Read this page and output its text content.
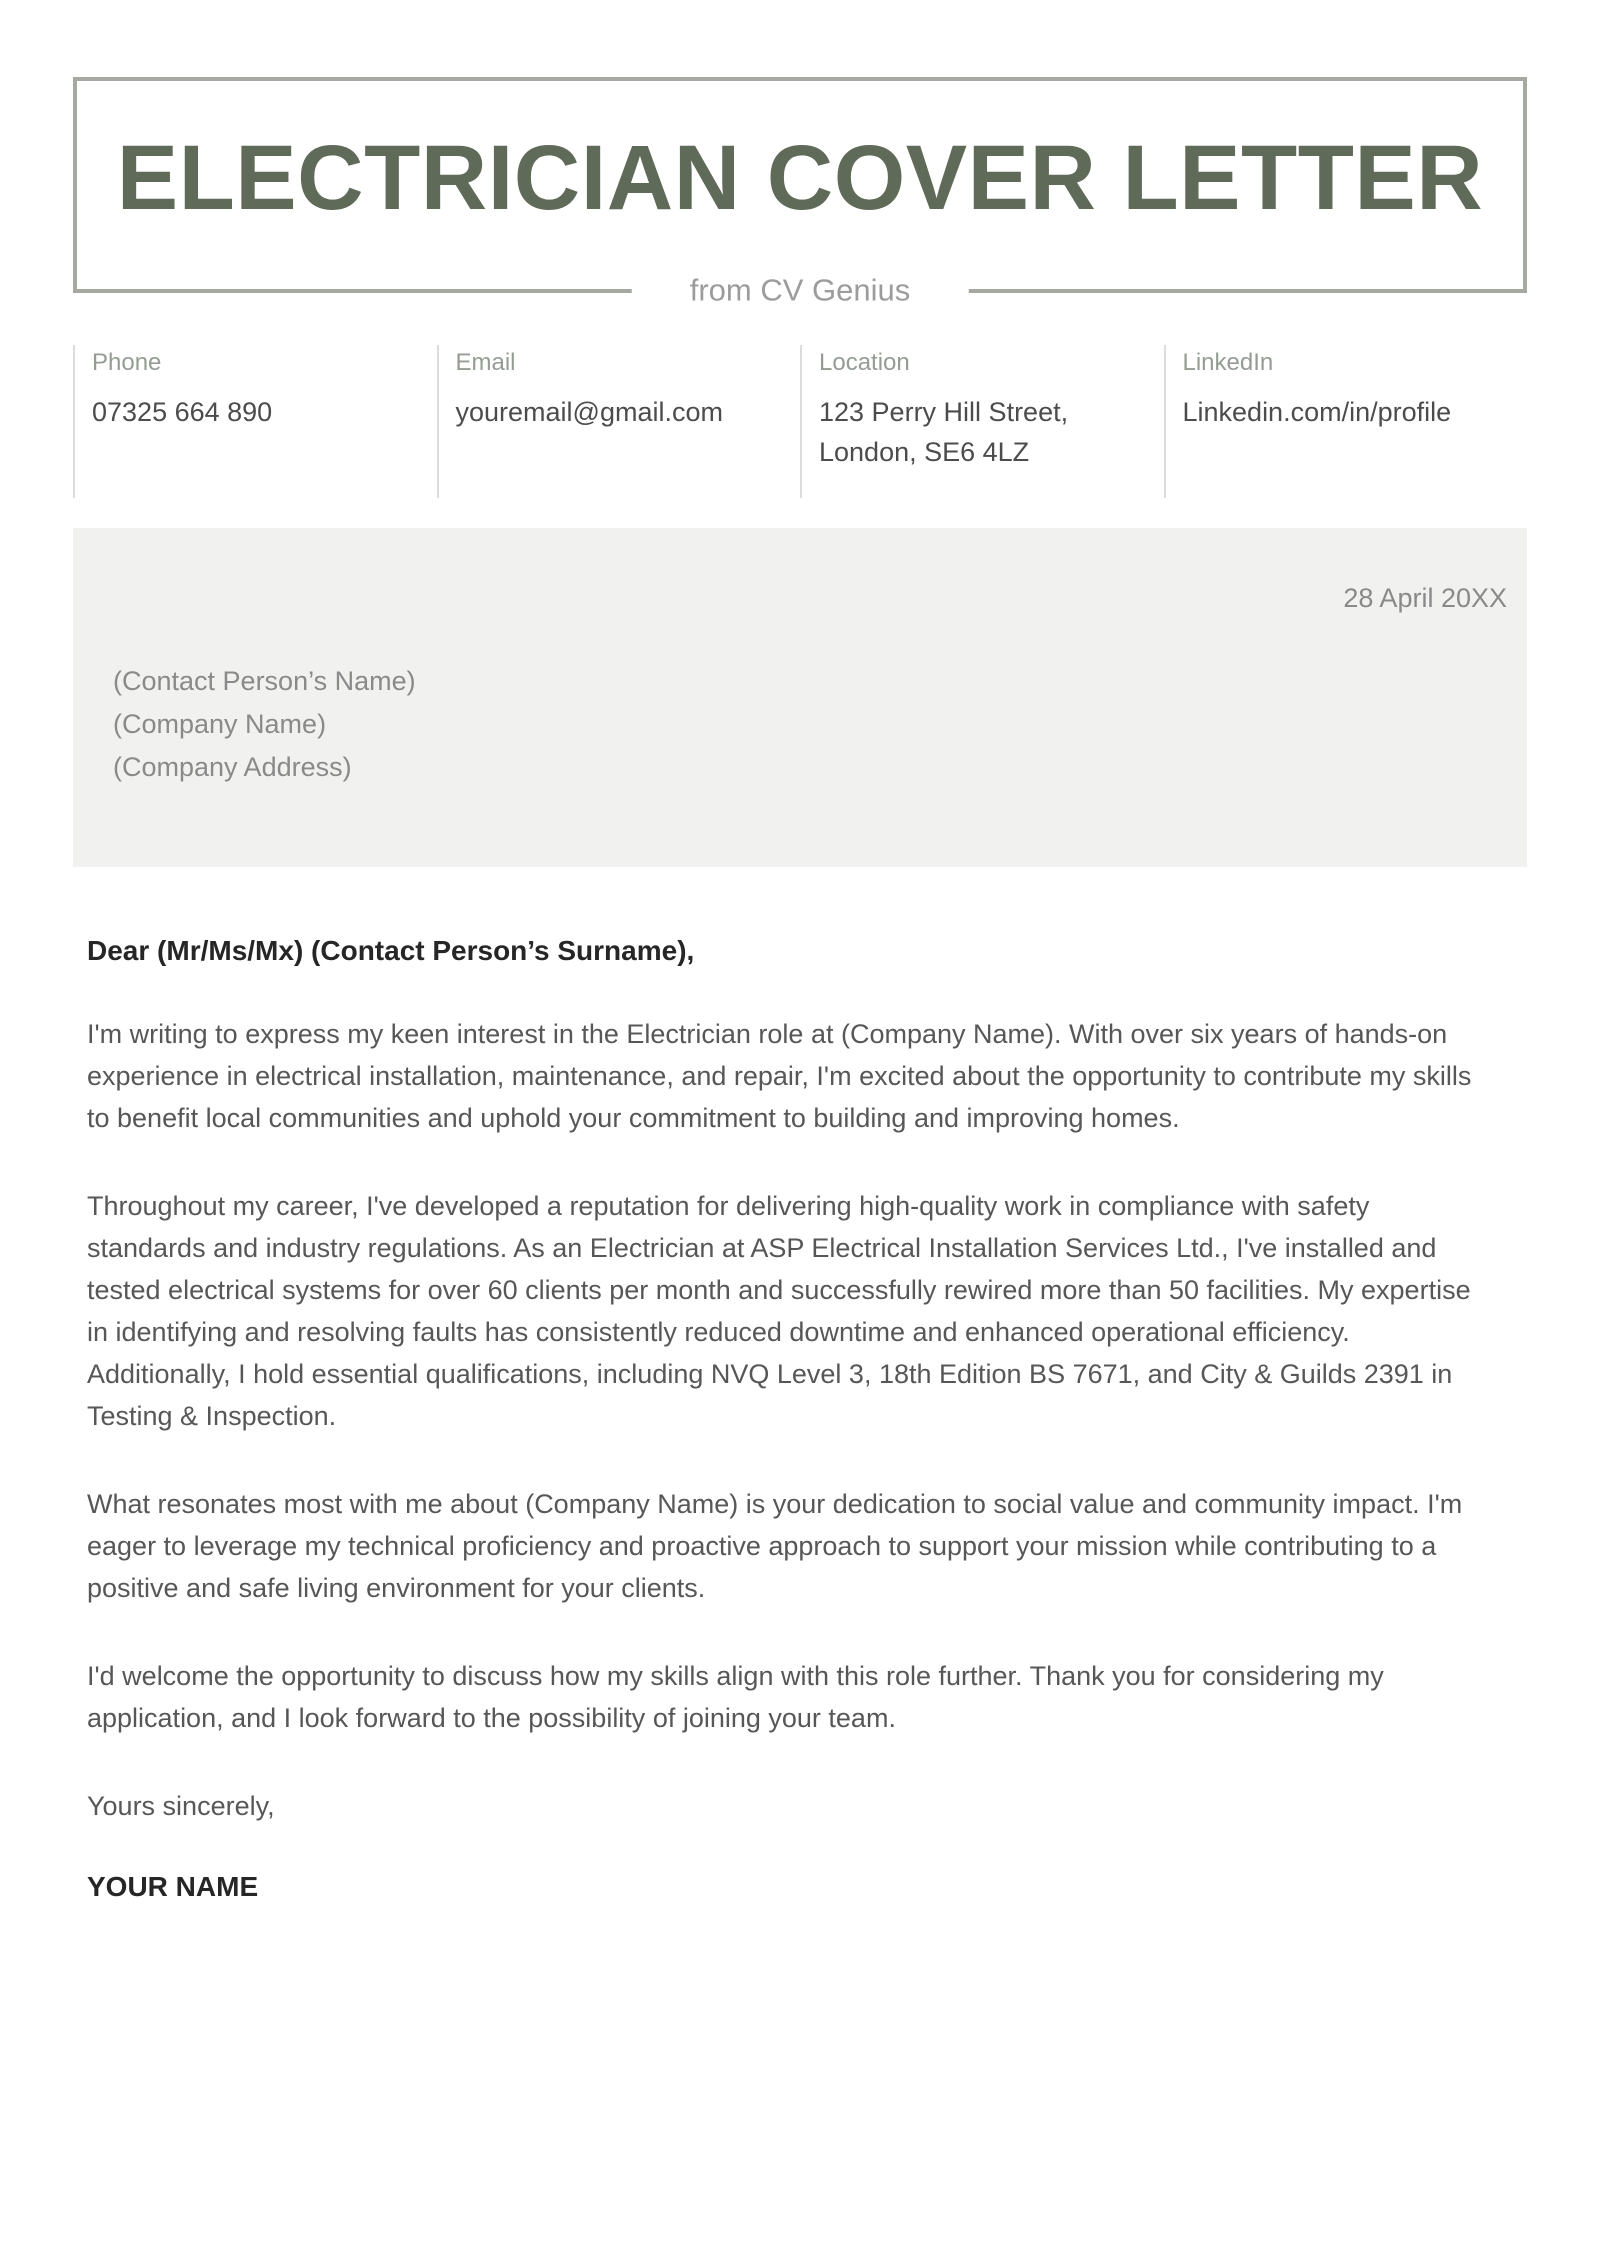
ELECTRICIAN COVER LETTER
from CV Genius
Phone
07325 664 890
Email
youremail@gmail.com
Location
123 Perry Hill Street, London, SE6 4LZ
LinkedIn
Linkedin.com/in/profile
28 April 20XX
(Contact Person’s Name)
(Company Name)
(Company Address)

Dear (Mr/Ms/Mx) (Contact Person’s Surname),

I'm writing to express my keen interest in the Electrician role at (Company Name). With over six years of hands-on experience in electrical installation, maintenance, and repair, I'm excited about the opportunity to contribute my skills to benefit local communities and uphold your commitment to building and improving homes.

Throughout my career, I've developed a reputation for delivering high-quality work in compliance with safety standards and industry regulations. As an Electrician at ASP Electrical Installation Services Ltd., I've installed and tested electrical systems for over 60 clients per month and successfully rewired more than 50 facilities. My expertise in identifying and resolving faults has consistently reduced downtime and enhanced operational efficiency. Additionally, I hold essential qualifications, including NVQ Level 3, 18th Edition BS 7671, and City & Guilds 2391 in Testing & Inspection.

What resonates most with me about (Company Name) is your dedication to social value and community impact. I'm eager to leverage my technical proficiency and proactive approach to support your mission while contributing to a positive and safe living environment for your clients.

I'd welcome the opportunity to discuss how my skills align with this role further. Thank you for considering my application, and I look forward to the possibility of joining your team.

Yours sincerely,

YOUR NAME
